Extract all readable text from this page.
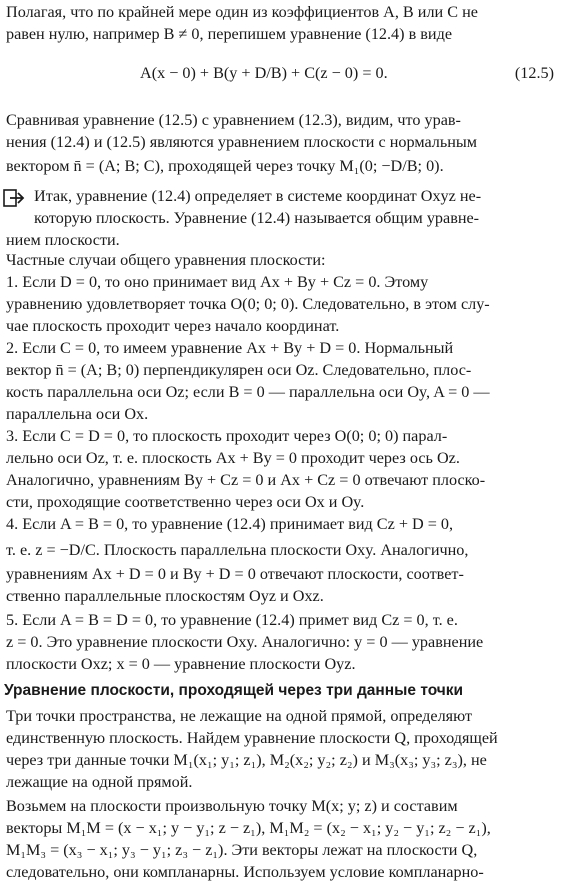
Полагая, что по крайней мере один из коэффициентов A, B или C не
равен нулю, например B ≠ 0, перепишем уравнение (12.4) в виде
A(x − 0) + B(y + D/B) + C(z − 0) = 0.	(12.5)
Сравнивая уравнение (12.5) с уравнением (12.3), видим, что урав-
нения (12.4) и (12.5) являются уравнением плоскости с нормальным
вектором n̄ = (A; B; C), проходящей через точку M₁(0; −D/B; 0).
Итак, уравнение (12.4) определяет в системе координат Oxyz не-
которую плоскость. Уравнение (12.4) называется общим уравне-
нием плоскости.
Частные случаи общего уравнения плоскости:
1. Если D = 0, то оно принимает вид Ax + By + Cz = 0. Этому
уравнению удовлетворяет точка O(0; 0; 0). Следовательно, в этом слу-
чае плоскость проходит через начало координат.
2. Если C = 0, то имеем уравнение Ax + By + D = 0. Нормальный
вектор n̄ = (A; B; 0) перпендикулярен оси Oz. Следовательно, плос-
кость параллельна оси Oz; если B = 0 — параллельна оси Oy, A = 0 —
параллельна оси Ox.
3. Если C = D = 0, то плоскость проходит через O(0; 0; 0) парал-
лельно оси Oz, т. е. плоскость Ax + By = 0 проходит через ось Oz.
Аналогично, уравнениям By + Cz = 0 и Ax + Cz = 0 отвечают плоско-
сти, проходящие соответственно через оси Ox и Oy.
4. Если A = B = 0, то уравнение (12.4) принимает вид Cz + D = 0,
т. е. z = −D/C. Плоскость параллельна плоскости Oxy. Аналогично,
уравнениям Ax + D = 0 и By + D = 0 отвечают плоскости, соответ-
ственно параллельные плоскостям Oyz и Oxz.
5. Если A = B = D = 0, то уравнение (12.4) примет вид Cz = 0, т. е.
z = 0. Это уравнение плоскости Oxy. Аналогично: y = 0 — уравнение
плоскости Oxz; x = 0 — уравнение плоскости Oyz.
Уравнение плоскости, проходящей через три данные точки
Три точки пространства, не лежащие на одной прямой, определяют
единственную плоскость. Найдем уравнение плоскости Q, проходящей
через три данные точки M₁(x₁; y₁; z₁), M₂(x₂; y₂; z₂) и M₃(x₃; y₃; z₃), не
лежащие на одной прямой.
Возьмем на плоскости произвольную точку M(x; y; z) и составим
векторы M₁M = (x − x₁; y − y₁; z − z₁), M₁M₂ = (x₂ − x₁; y₂ − y₁; z₂ − z₁),
M₁M₃ = (x₃ − x₁; y₃ − y₁; z₃ − z₁). Эти векторы лежат на плоскости Q,
следовательно, они компланарны. Используем условие компланарно-
